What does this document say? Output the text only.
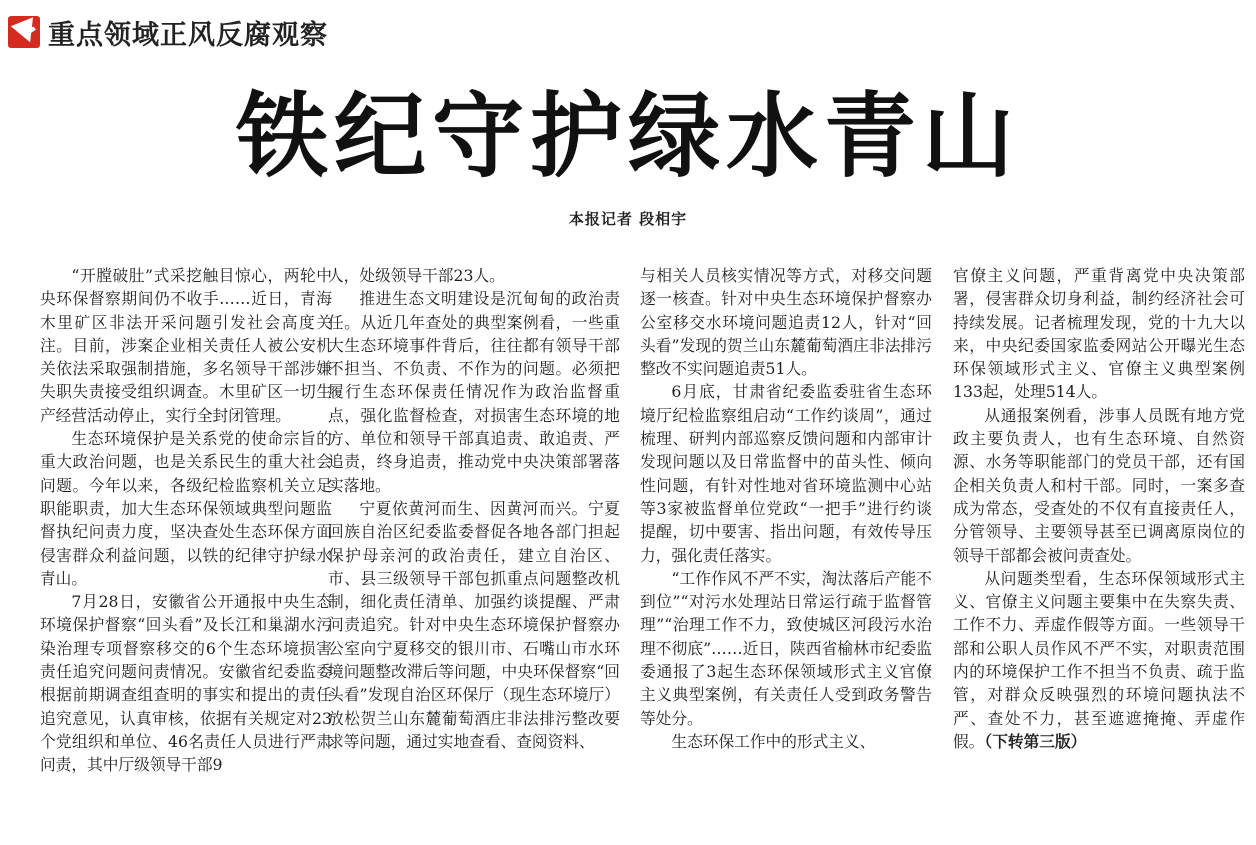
重点领域正风反腐观察
铁纪守护绿水青山
本报记者 段相宇

“开膛破肚”式采挖触目惊心，两轮中央环保督察期间仍不收手……近日，青海木里矿区非法开采问题引发社会高度关注。目前，涉案企业相关责任人被公安机关依法采取强制措施，多名领导干部涉嫌失职失责接受组织调查。木里矿区一切生产经营活动停止，实行全封闭管理。

生态环境保护是关系党的使命宗旨的重大政治问题，也是关系民生的重大社会问题。今年以来，各级纪检监察机关立足职能职责，加大生态环保领域典型问题监督执纪问责力度，坚决查处生态环保方面侵害群众利益问题，以铁的纪律守护绿水青山。

7月28日，安徽省公开通报中央生态环境保护督察“回头看”及长江和巢湖水污染治理专项督察移交的6个生态环境损害责任追究问题问责情况。安徽省纪委监委根据前期调查组查明的事实和提出的责任追究意见，认真审核，依据有关规定对23个党组织和单位、46名责任人员进行严肃问责，其中厅级领导干部9

人，处级领导干部23人。

推进生态文明建设是沉甸甸的政治责任。从近几年查处的典型案例看，一些重大生态环境事件背后，往往都有领导干部不担当、不负责、不作为的问题。必须把履行生态环保责任情况作为政治监督重点，强化监督检查，对损害生态环境的地方、单位和领导干部真追责、敢追责、严追责，终身追责，推动党中央决策部署落实落地。

宁夏依黄河而生、因黄河而兴。宁夏回族自治区纪委监委督促各地各部门担起保护母亲河的政治责任，建立自治区、市、县三级领导干部包抓重点问题整改机制，细化责任清单、加强约谈提醒、严肃问责追究。针对中央生态环境保护督察办公室向宁夏移交的银川市、石嘴山市水环境问题整改滞后等问题，中央环保督察“回头看”发现自治区环保厅（现生态环境厅）放松贺兰山东麓葡萄酒庄非法排污整改要求等问题，通过实地查看、查阅资料、

与相关人员核实情况等方式，对移交问题逐一核查。针对中央生态环境保护督察办公室移交水环境问题追责12人，针对“回头看”发现的贺兰山东麓葡萄酒庄非法排污整改不实问题追责51人。

6月底，甘肃省纪委监委驻省生态环境厅纪检监察组启动“工作约谈周”，通过梳理、研判内部巡察反馈问题和内部审计发现问题以及日常监督中的苗头性、倾向性问题，有针对性地对省环境监测中心站等3家被监督单位党政“一把手”进行约谈提醒，切中要害、指出问题，有效传导压力，强化责任落实。

“工作作风不严不实，淘汰落后产能不到位”“对污水处理站日常运行疏于监督管理”“治理工作不力，致使城区河段污水治理不彻底”……近日，陕西省榆林市纪委监委通报了3起生态环保领域形式主义官僚主义典型案例，有关责任人受到政务警告等处分。

生态环保工作中的形式主义、

官僚主义问题，严重背离党中央决策部署，侵害群众切身利益，制约经济社会可持续发展。记者梳理发现，党的十九大以来，中央纪委国家监委网站公开曝光生态环保领域形式主义、官僚主义典型案例133起，处理514人。

从通报案例看，涉事人员既有地方党政主要负责人，也有生态环境、自然资源、水务等职能部门的党员干部，还有国企相关负责人和村干部。同时，一案多查成为常态，受查处的不仅有直接责任人，分管领导、主要领导甚至已调离原岗位的领导干部都会被问责查处。

从问题类型看，生态环保领域形式主义、官僚主义问题主要集中在失察失责、工作不力、弄虚作假等方面。一些领导干部和公职人员作风不严不实，对职责范围内的环境保护工作不担当不负责、疏于监管，对群众反映强烈的环境问题执法不严、查处不力，甚至遮遮掩掩、弄虚作假。（下转第三版）
